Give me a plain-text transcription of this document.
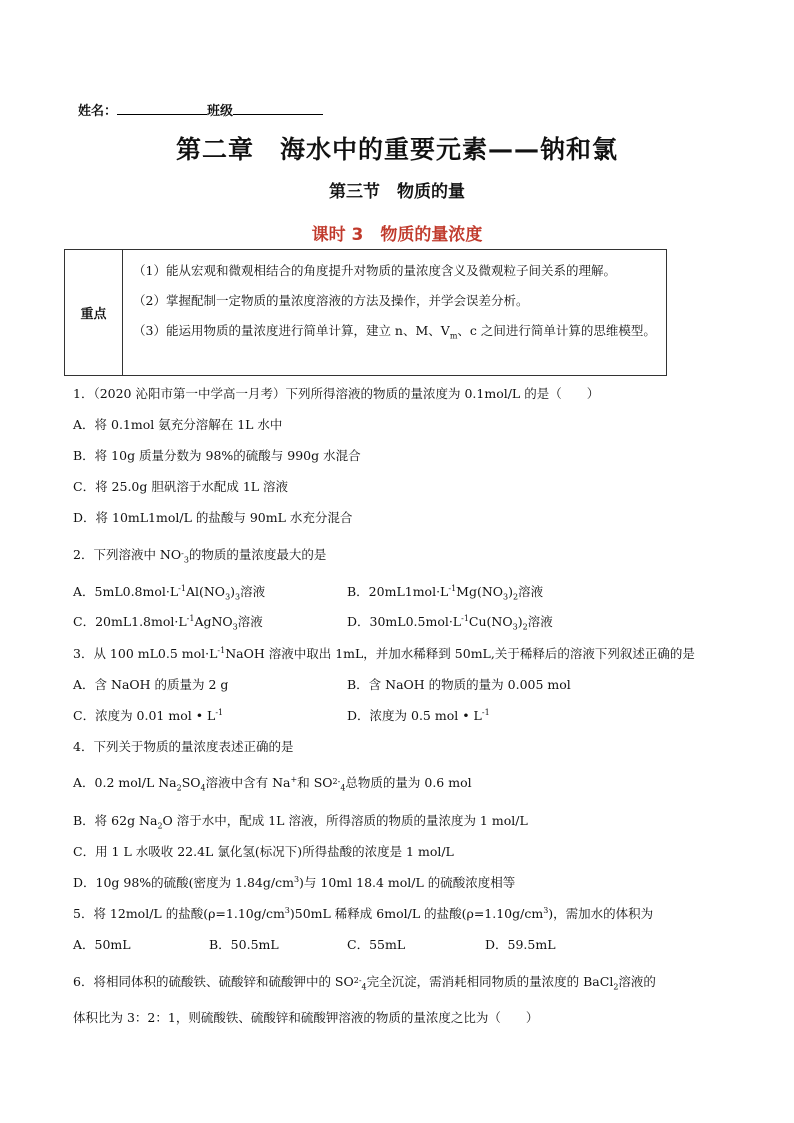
姓名：	班级
第二章　海水中的重要元素——钠和氯
第三节　物质的量
课时 3　物质的量浓度
重点
（1）能从宏观和微观相结合的角度提升对物质的量浓度含义及微观粒子间关系的理解。
（2）掌握配制一定物质的量浓度溶液的方法及操作，并学会误差分析。
（3）能运用物质的量浓度进行简单计算，建立 n、M、$V_m$、c 之间进行简单计算的思维模型。
1．（2020 沁阳市第一中学高一月考）下列所得溶液的物质的量浓度为 0.1mol/L 的是（　　）
A．将 0.1mol 氨充分溶解在 1L 水中
B．将 10g 质量分数为 98%的硫酸与 990g 水混合
C．将 25.0g 胆矾溶于水配成 1L 溶液
D．将 10mL1mol/L 的盐酸与 90mL 水充分混合
2．下列溶液中 $NO-_3$的物质的量浓度最大的是
A．$5mL0.8mol\cdot L^{-1}Al(NO_3)_3$溶液	B．$20mL1mol\cdot L^{-1}Mg(NO_3)_2$溶液
C．$20mL1.8mol\cdot L^{-1}AgNO_3$溶液	D．$30mL0.5mol\cdot L^{-1}Cu(NO_3)_2$溶液
3．从 100 mL0.5 $mol\cdot L^{-1}NaOH$ 溶液中取出 1mL，并加水稀释到 50mL,关于稀释后的溶液下列叙述正确的是
A．含 NaOH 的质量为 2 g	B．含 NaOH 的物质的量为 0.005 mol
C．浓度为 0.01 mol • $L^{-1}$	D．浓度为 0.5 mol • $L^{-1}$
4．下列关于物质的量浓度表述正确的是
A．0.2 mol/L $Na_2SO_4$溶液中含有 Na+和 $SO2-_4$总物质的量为 0.6 mol
B．将 62g $Na_2O$ 溶于水中，配成 1L 溶液，所得溶质的物质的量浓度为 1 mol/L
C．用 1 L 水吸收 22.4L 氯化氢(标况下)所得盐酸的浓度是 1 mol/L
D．10g 98%的硫酸(密度为 $1.84g/cm^3$)与 10ml 18.4 mol/L 的硫酸浓度相等
5．将 12mol/L 的盐酸$(\rho=1.10g/cm^3)50mL$ 稀释成 6mol/L 的盐酸$(\rho=1.10g/cm^3)$，需加水的体积为
A．50mL	B．50.5mL	C．55mL	D．59.5mL
6．将相同体积的硫酸铁、硫酸锌和硫酸钾中的 $SO2-_4$完全沉淀，需消耗相同物质的量浓度的 BaCl$_2$溶液的
体积比为 3：2：1，则硫酸铁、硫酸锌和硫酸钾溶液的物质的量浓度之比为（　　）
